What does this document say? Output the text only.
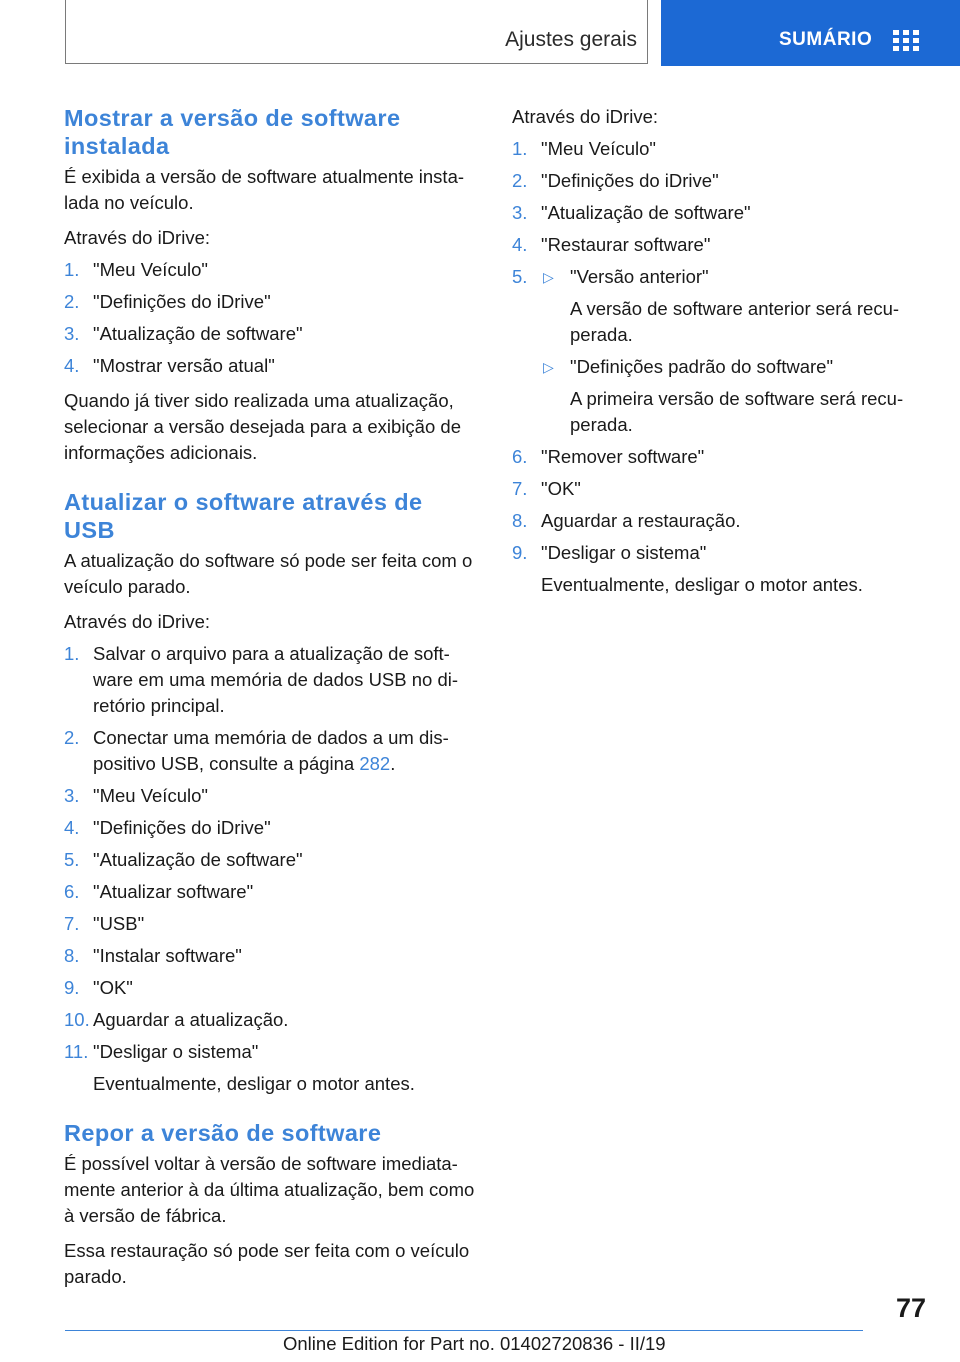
Ajustes gerais	SUMÁRIO
Mostrar a versão de software
instalada

É exibida a versão de software atualmente insta-lada no veículo.

Através do iDrive:

1. "Meu Veículo"
2. "Definições do iDrive"
3. "Atualização de software"
4. "Mostrar versão atual"

Quando já tiver sido realizada uma atualização, selecionar a versão desejada para a exibição de informações adicionais.

Atualizar o software através de USB

A atualização do software só pode ser feita com o veículo parado.

Através do iDrive:

1. Salvar o arquivo para a atualização de soft-ware em uma memória de dados USB no di-retório principal.
2. Conectar uma memória de dados a um dis-positivo USB, consulte a página 282.
3. "Meu Veículo"
4. "Definições do iDrive"
5. "Atualização de software"
6. "Atualizar software"
7. "USB"
8. "Instalar software"
9. "OK"
10. Aguardar a atualização.
11. "Desligar o sistema"
Eventualmente, desligar o motor antes.
Repor a versão de software

É possível voltar à versão de software imediata-mente anterior à da última atualização, bem como à versão de fábrica.

Essa restauração só pode ser feita com o veículo parado.

Através do iDrive:

1. "Meu Veículo"
2. "Definições do iDrive"
3. "Atualização de software"
4. "Restaurar software"
5. ▷ "Versão anterior"
A versão de software anterior será recu-perada.
▷ "Definições padrão do software"
A primeira versão de software será recu-perada.
6. "Remover software"
7. "OK"
8. Aguardar a restauração.
9. "Desligar o sistema"
Eventualmente, desligar o motor antes.
77
Online Edition for Part no. 01402720836 - II/19
